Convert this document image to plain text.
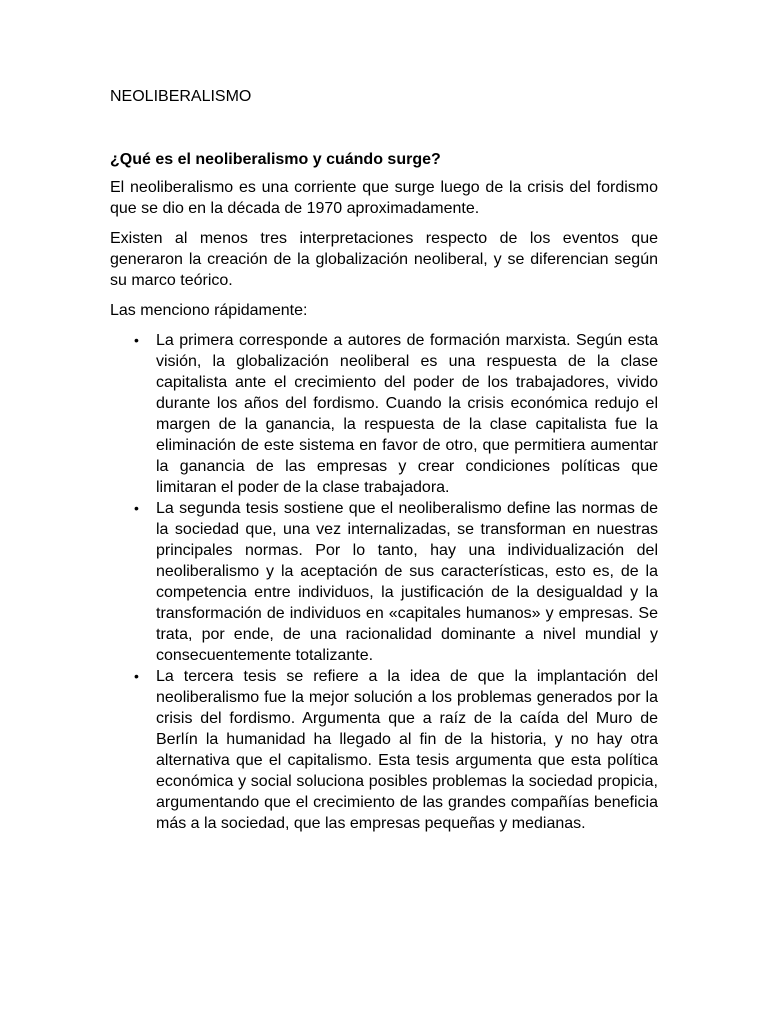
NEOLIBERALISMO
¿Qué es el neoliberalismo y cuándo surge?

El neoliberalismo es una corriente que surge luego de la crisis del fordismo que se dio en la década de 1970 aproximadamente.

Existen al menos tres interpretaciones respecto de los eventos que generaron la creación de la globalización neoliberal, y se diferencian según su marco teórico.

Las menciono rápidamente:

• La primera corresponde a autores de formación marxista. Según esta visión, la globalización neoliberal es una respuesta de la clase capitalista ante el crecimiento del poder de los trabajadores, vivido durante los años del fordismo. Cuando la crisis económica redujo el margen de la ganancia, la respuesta de la clase capitalista fue la eliminación de este sistema en favor de otro, que permitiera aumentar la ganancia de las empresas y crear condiciones políticas que limitaran el poder de la clase trabajadora.
• La segunda tesis sostiene que el neoliberalismo define las normas de la sociedad que, una vez internalizadas, se transforman en nuestras principales normas. Por lo tanto, hay una individualización del neoliberalismo y la aceptación de sus características, esto es, de la competencia entre individuos, la justificación de la desigualdad y la transformación de individuos en «capitales humanos» y empresas. Se trata, por ende, de una racionalidad dominante a nivel mundial y consecuentemente totalizante.
• La tercera tesis se refiere a la idea de que la implantación del neoliberalismo fue la mejor solución a los problemas generados por la crisis del fordismo. Argumenta que a raíz de la caída del Muro de Berlín la humanidad ha llegado al fin de la historia, y no hay otra alternativa que el capitalismo. Esta tesis argumenta que esta política económica y social soluciona posibles problemas la sociedad propicia, argumentando que el crecimiento de las grandes compañías beneficia más a la sociedad, que las empresas pequeñas y medianas.
